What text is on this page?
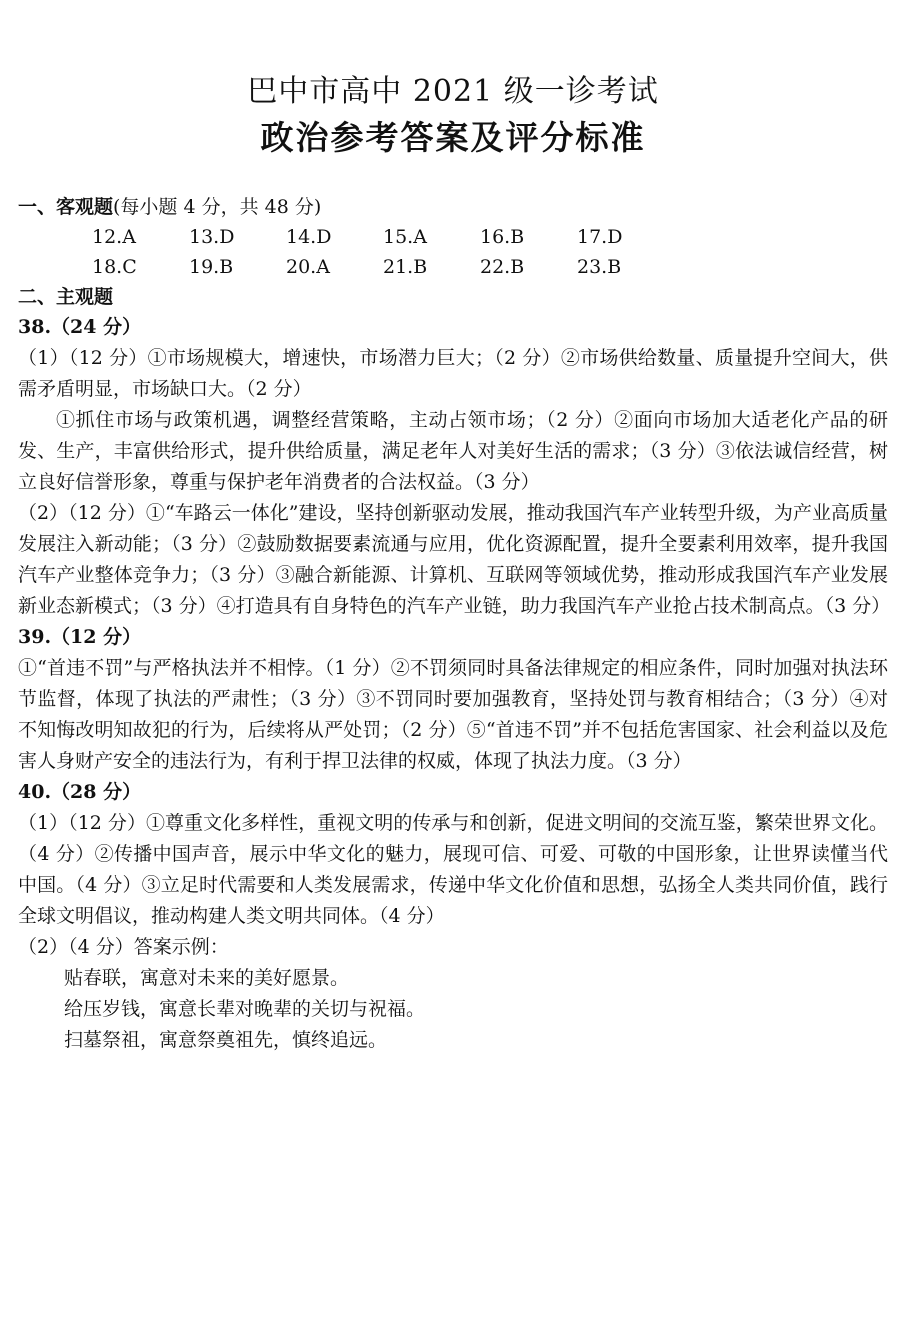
巴中市高中 2021 级一诊考试
政治参考答案及评分标准
一、客观题(每小题 4 分，共 48 分)
12.A	13.D	14.D	15.A	16.B	17.D
18.C	19.B	20.A	21.B	22.B	23.B
二、主观题
38.（24 分）

（1）（12 分）①市场规模大，增速快，市场潜力巨大；（2 分）②市场供给数量、质量提升空间大，供需矛盾明显，市场缺口大。（2 分）

①抓住市场与政策机遇，调整经营策略，主动占领市场；（2 分）②面向市场加大适老化产品的研发、生产，丰富供给形式，提升供给质量，满足老年人对美好生活的需求；（3 分）③依法诚信经营，树立良好信誉形象，尊重与保护老年消费者的合法权益。（3 分）

（2）（12 分）①“车路云一体化”建设，坚持创新驱动发展，推动我国汽车产业转型升级，为产业高质量发展注入新动能；（3 分）②鼓励数据要素流通与应用，优化资源配置，提升全要素利用效率，提升我国汽车产业整体竞争力；（3 分）③融合新能源、计算机、互联网等领域优势，推动形成我国汽车产业发展新业态新模式；（3 分）④打造具有自身特色的汽车产业链，助力我国汽车产业抢占技术制高点。（3 分）

39.（12 分）

①“首违不罚”与严格执法并不相悖。（1 分）②不罚须同时具备法律规定的相应条件，同时加强对执法环节监督，体现了执法的严肃性；（3 分）③不罚同时要加强教育，坚持处罚与教育相结合；（3 分）④对不知悔改明知故犯的行为，后续将从严处罚；（2 分）⑤“首违不罚”并不包括危害国家、社会利益以及危害人身财产安全的违法行为，有利于捍卫法律的权威，体现了执法力度。（3 分）

40.（28 分）

（1）（12 分）①尊重文化多样性，重视文明的传承与和创新，促进文明间的交流互鉴，繁荣世界文化。（4 分）②传播中国声音，展示中华文化的魅力，展现可信、可爱、可敬的中国形象，让世界读懂当代中国。（4 分）③立足时代需要和人类发展需求，传递中华文化价值和思想，弘扬全人类共同价值，践行全球文明倡议，推动构建人类文明共同体。（4 分）

（2）（4 分）答案示例：

贴春联，寓意对未来的美好愿景。

给压岁钱，寓意长辈对晚辈的关切与祝福。

扫墓祭祖，寓意祭奠祖先，慎终追远。
